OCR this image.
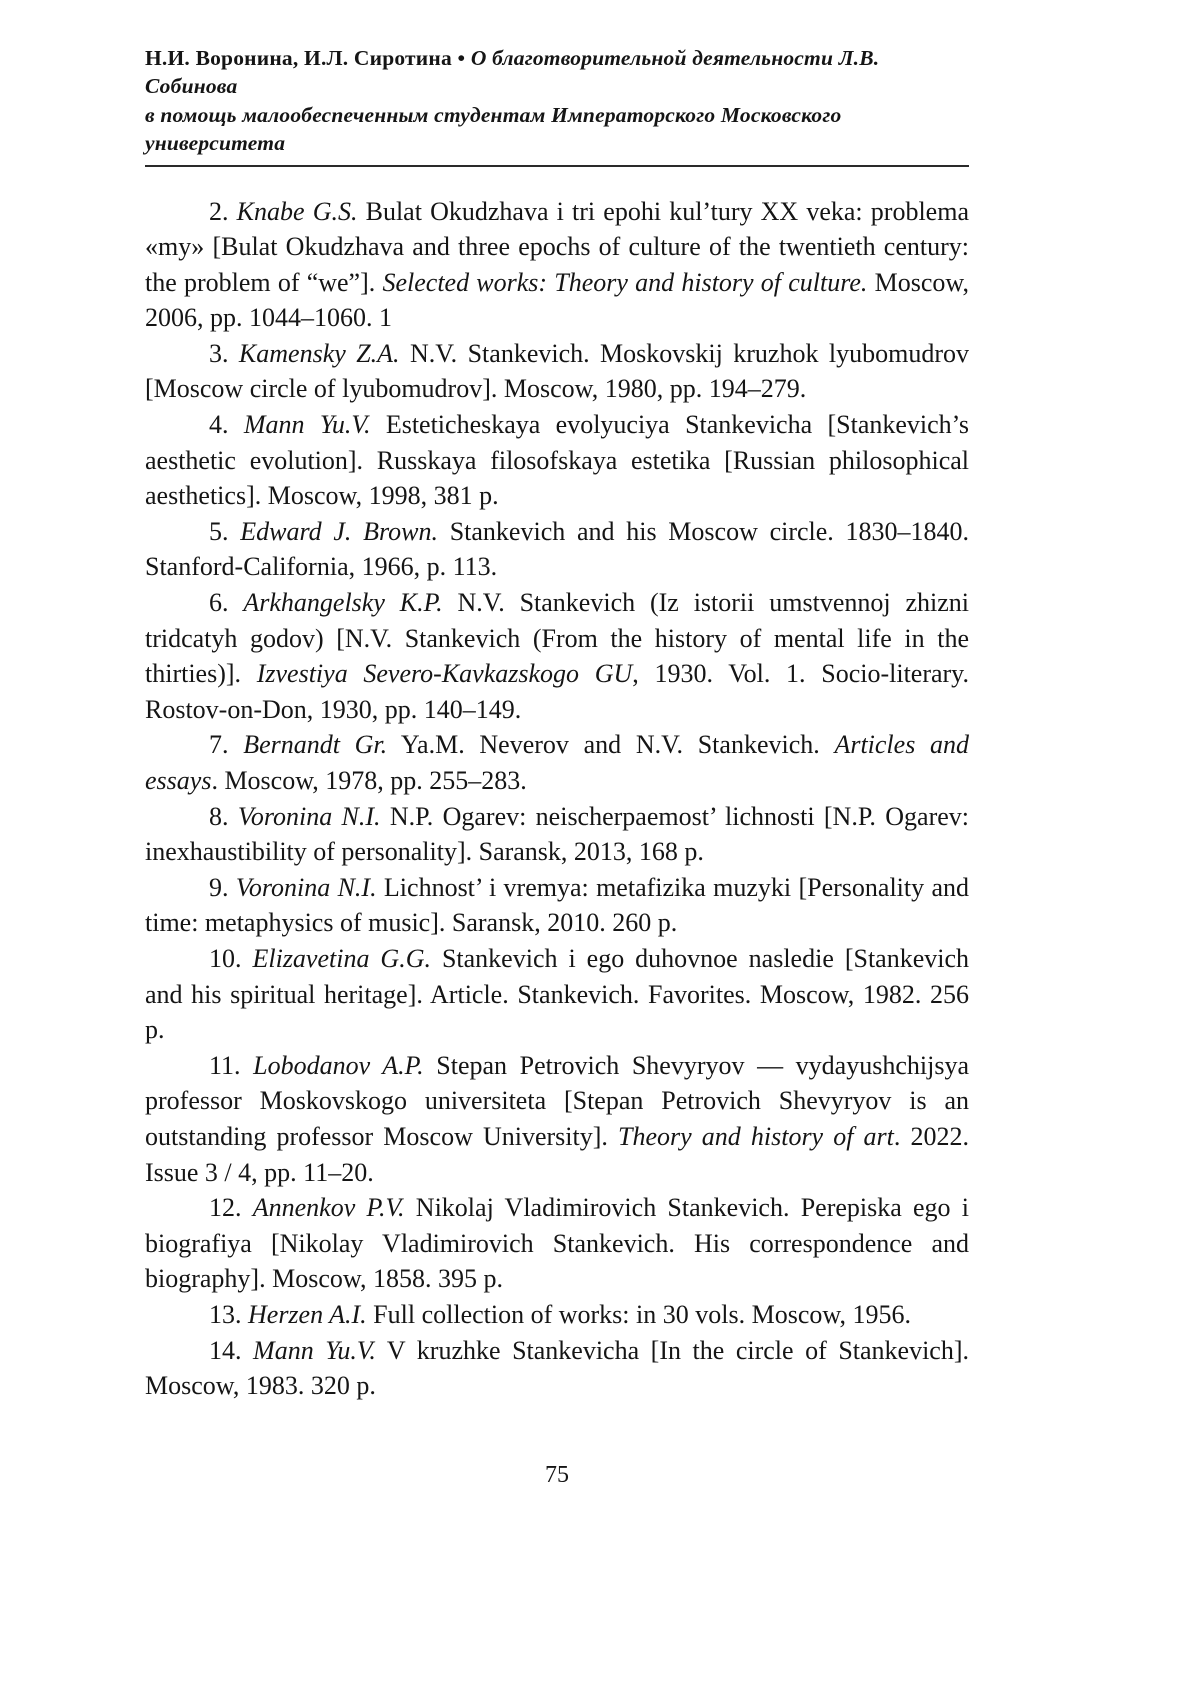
Н.И. Воронина, И.Л. Сиротина • О благотворительной деятельности Л.В. Собинова
в помощь малообеспеченным студентам Императорского Московского университета

2. Knabe G.S. Bulat Okudzhava i tri epohi kul’tury XX veka: problema «my» [Bulat Okudzhava and three epochs of culture of the twentieth century: the problem of “we”]. Selected works: Theory and history of culture. Moscow, 2006, pp. 1044–1060. 1

3. Kamensky Z.A. N.V. Stankevich. Moskovskij kruzhok lyubomudrov [Moscow circle of lyubomudrov]. Moscow, 1980, pp. 194–279.

4. Mann Yu.V. Esteticheskaya evolyuciya Stankevicha [Stankevich’s aesthetic evolution]. Russkaya filosofskaya estetika [Russian philosophical aesthetics]. Moscow, 1998, 381 p.

5. Edward J. Brown. Stankevich and his Moscow circle. 1830–1840. Stanford-California, 1966, p. 113.

6. Arkhangelsky K.P. N.V. Stankevich (Iz istorii umstvennoj zhizni tridcatyh godov) [N.V. Stankevich (From the history of mental life in the thirties)]. Izvestiya Severo-Kavkazskogo GU, 1930. Vol. 1. Socio-literary. Rostov-on-Don, 1930, pp. 140–149.

7. Bernandt Gr. Ya.M. Neverov and N.V. Stankevich. Articles and essays. Moscow, 1978, pp. 255–283.

8. Voronina N.I. N.P. Ogarev: neischerpaemost’ lichnosti [N.P. Ogarev: inexhaustibility of personality]. Saransk, 2013, 168 p.

9. Voronina N.I. Lichnost’ i vremya: metafizika muzyki [Personality and time: metaphysics of music]. Saransk, 2010. 260 p.

10. Elizavetina G.G. Stankevich i ego duhovnoe nasledie [Stankevich and his spiritual heritage]. Article. Stankevich. Favorites. Moscow, 1982. 256 p.

11. Lobodanov A.P. Stepan Petrovich Shevyryov — vydayushchijsya professor Moskovskogo universiteta [Stepan Petrovich Shevyryov is an outstanding professor Moscow University]. Theory and history of art. 2022. Issue 3 / 4, pp. 11–20.

12. Annenkov P.V. Nikolaj Vladimirovich Stankevich. Perepiska ego i biografiya [Nikolay Vladimirovich Stankevich. His correspondence and biography]. Moscow, 1858. 395 p.

13. Herzen A.I. Full collection of works: in 30 vols. Moscow, 1956.

14. Mann Yu.V. V kruzhke Stankevicha [In the circle of Stankevich]. Moscow, 1983. 320 p.

75
